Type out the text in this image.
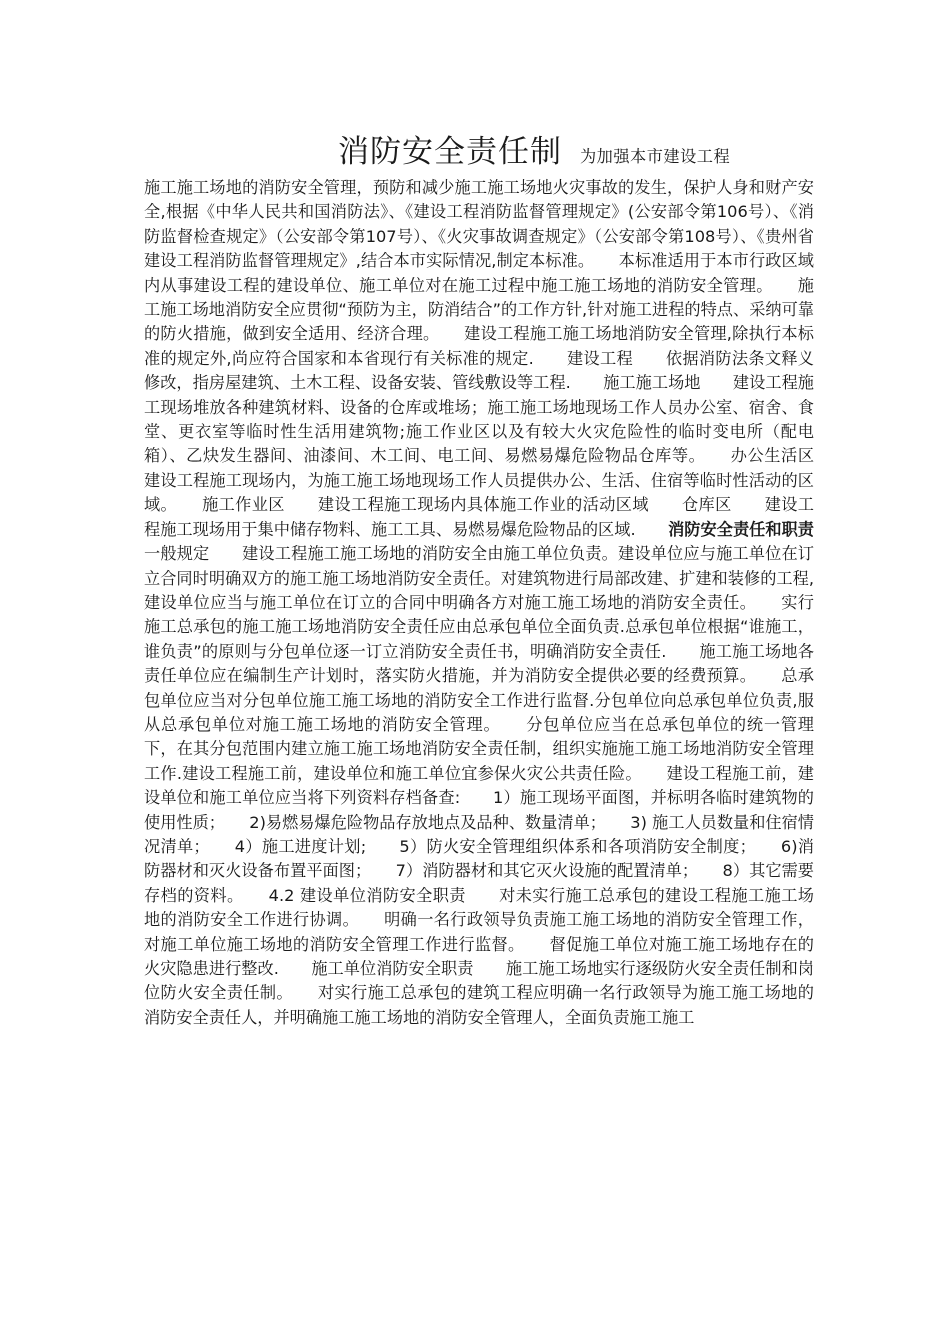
消防安全责任制 为加强本市建设工程
施工施工场地的消防安全管理，预防和减少施工施工场地火灾事故的发生，保护人身和财产安全,根据《中华人民共和国消防法》、《建设工程消防监督管理规定》(公安部令第106号）、《消防监督检查规定》（公安部令第107号）、《火灾事故调查规定》（公安部令第108号）、《贵州省建设工程消防监督管理规定》,结合本市实际情况,制定本标准。　　本标准适用于本市行政区域内从事建设工程的建设单位、施工单位对在施工过程中施工施工场地的消防安全管理。　　施工施工场地消防安全应贯彻“预防为主，防消结合”的工作方针,针对施工进程的特点、采纳可靠的防火措施，做到安全适用、经济合理。　　建设工程施工施工场地消防安全管理,除执行本标准的规定外,尚应符合国家和本省现行有关标准的规定.　　建设工程　　依据消防法条文释义修改，指房屋建筑、土木工程、设备安装、管线敷设等工程.　　施工施工场地　　建设工程施工现场堆放各种建筑材料、设备的仓库或堆场；施工施工场地现场工作人员办公室、宿舍、食堂、更衣室等临时性生活用建筑物;施工作业区以及有较大火灾危险性的临时变电所（配电箱）、乙炔发生器间、油漆间、木工间、电工间、易燃易爆危险物品仓库等。　　办公生活区　　建设工程施工现场内，为施工施工场地现场工作人员提供办公、生活、住宿等临时性活动的区域。　　施工作业区　　建设工程施工现场内具体施工作业的活动区域　　仓库区　　建设工程施工现场用于集中储存物料、施工工具、易燃易爆危险物品的区域.　　消防安全责任和职责　　一般规定　　建设工程施工施工场地的消防安全由施工单位负责。建设单位应与施工单位在订立合同时明确双方的施工施工场地消防安全责任。对建筑物进行局部改建、扩建和装修的工程,建设单位应当与施工单位在订立的合同中明确各方对施工施工场地的消防安全责任。　　实行施工总承包的施工施工场地消防安全责任应由总承包单位全面负责.总承包单位根据“谁施工，谁负责”的原则与分包单位逐一订立消防安全责任书，明确消防安全责任.　　施工施工场地各责任单位应在编制生产计划时，落实防火措施，并为消防安全提供必要的经费预算。　　总承包单位应当对分包单位施工施工场地的消防安全工作进行监督.分包单位向总承包单位负责,服从总承包单位对施工施工场地的消防安全管理。　　分包单位应当在总承包单位的统一管理下，在其分包范围内建立施工施工场地消防安全责任制，组织实施施工施工场地消防安全管理工作.建设工程施工前，建设单位和施工单位宜参保火灾公共责任险。　　建设工程施工前，建设单位和施工单位应当将下列资料存档备查:　　1）施工现场平面图，并标明各临时建筑物的使用性质；　　2)易燃易爆危险物品存放地点及品种、数量清单；　　3) 施工人员数量和住宿情况清单；　　4）施工进度计划;　　5）防火安全管理组织体系和各项消防安全制度；　　6)消防器材和灭火设备布置平面图；　　7）消防器材和其它灭火设施的配置清单；　　8）其它需要存档的资料。　　4.2 建设单位消防安全职责　　对未实行施工总承包的建设工程施工施工场地的消防安全工作进行协调。　　明确一名行政领导负责施工施工场地的消防安全管理工作，对施工单位施工场地的消防安全管理工作进行监督。　　督促施工单位对施工施工场地存在的火灾隐患进行整改.　　施工单位消防安全职责　　施工施工场地实行逐级防火安全责任制和岗位防火安全责任制。　　对实行施工总承包的建筑工程应明确一名行政领导为施工施工场地的消防安全责任人，并明确施工施工场地的消防安全管理人，全面负责施工施工
